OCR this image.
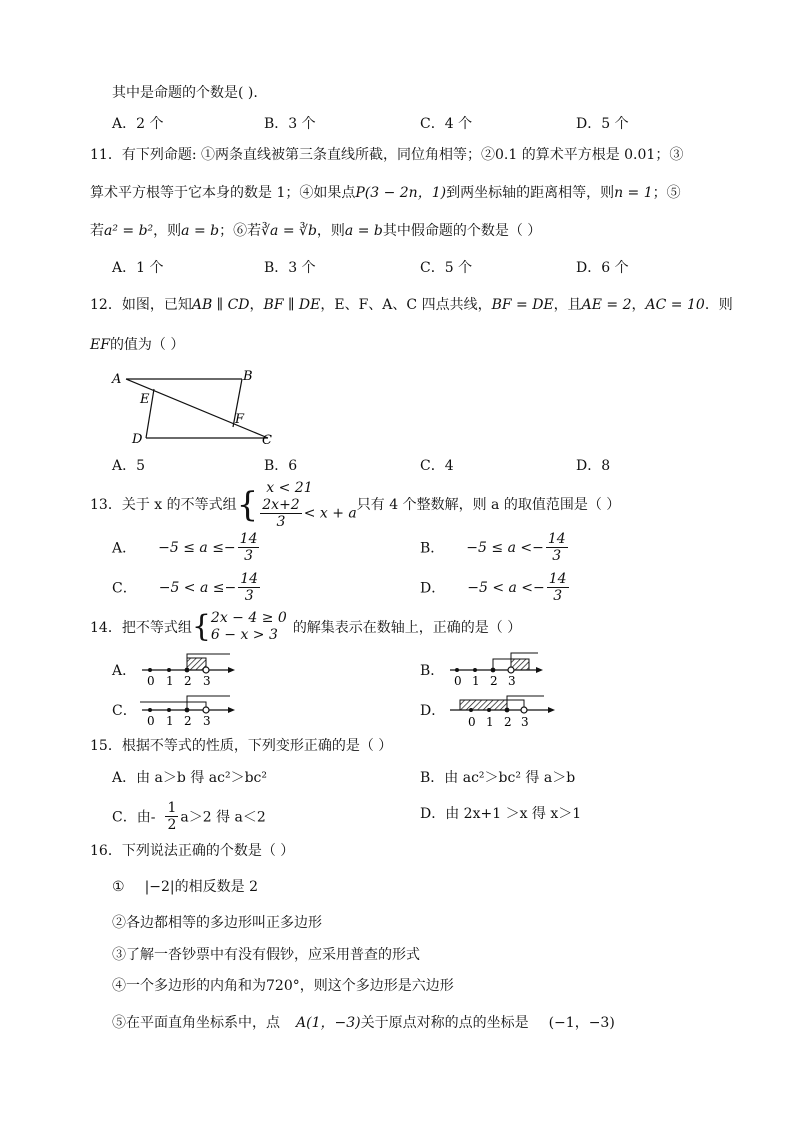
其中是命题的个数是( ).
A．2 个	B．3 个	C．4 个	D．5 个
11．有下列命题: ①两条直线被第三条直线所截，同位角相等；②0.1 的算术平方根是 0.01；③
算术平方根等于它本身的数是 1；④如果点P(3 − 2n，1)到两坐标轴的距离相等，则n = 1；⑤
若a² = b²，则a = b；⑥若∛a = ∛b，则a = b其中假命题的个数是（ ）
A．1 个	B．3 个	C．5 个	D．6 个
12．如图，已知AB ∥ CD，BF ∥ DE，E、F、A、C 四点共线，BF = DE，且AE = 2，AC = 10．则
EF的值为（ ）
A	B
E
F
D	C
A．5	B．6	C．4	D．8
13．关于 x 的不等式组{ x < 21
$\frac{2x+2}{3} < x + a$
只有 4 个整数解，则 a 的取值范围是（ ）
A． $-5 \le a \le- \frac{14}{3}$	B． $-5 \le a <- \frac{14}{3}$
C． $-5 < a \le- \frac{14}{3}$	D． $-5 < a <- \frac{14}{3}$
14．把不等式组{ 2x − 4 ≥ 0
6 − x > 3	的解集表示在数轴上，正确的是（ ）
A．
0 1 2 3
B．
0 1 2 3
C．
0 1 2 3
D．
0 1 2 3
15．根据不等式的性质，下列变形正确的是（ ）
A．由 a＞b 得 ac²＞bc²	B．由 ac²＞bc² 得 a＞b
C．由- $\frac{1}{2} a>2$ 得 a＜2	D．由 2x+1 ＞x 得 x＞1
16．下列说法正确的个数是（ ）
① |−2|的相反数是 2
②各边都相等的多边形叫正多边形
③了解一沓钞票中有没有假钞，应采用普查的形式
④一个多边形的内角和为720°，则这个多边形是六边形
⑤在平面直角坐标系中，点 A(1，−3)关于原点对称的点的坐标是 (−1，−3)
